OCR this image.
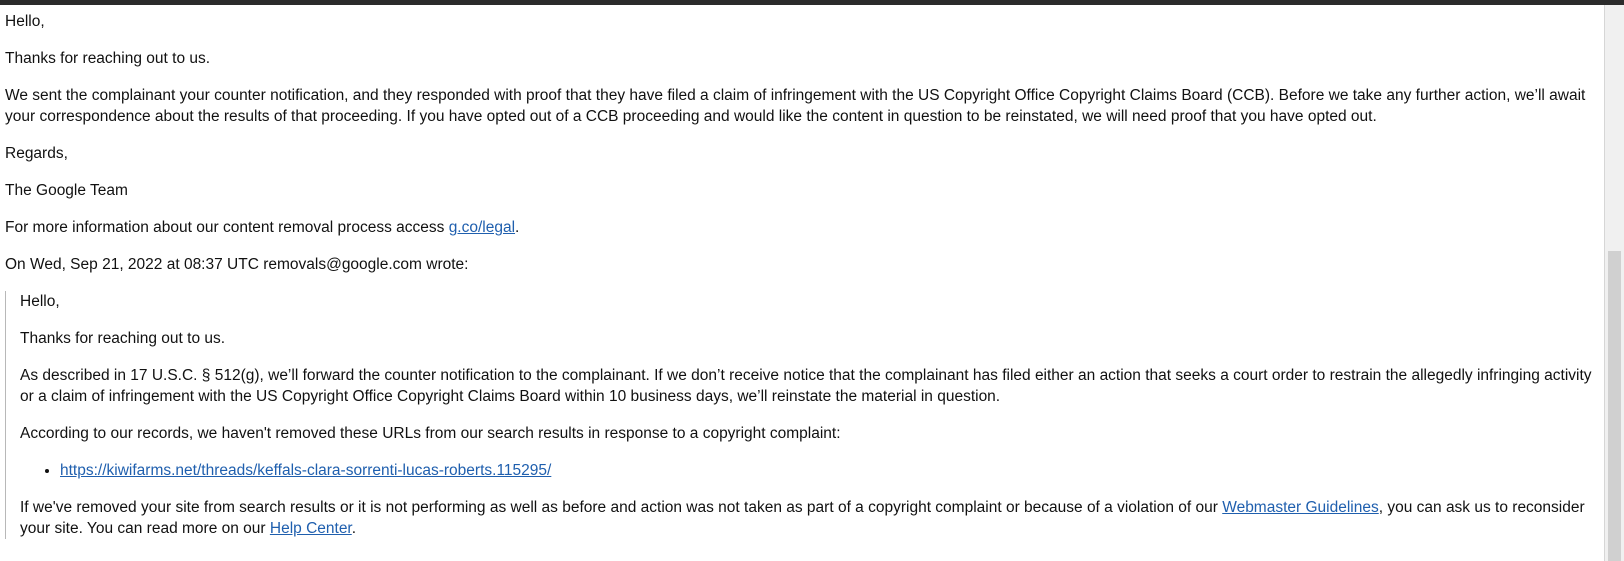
Hello,

Thanks for reaching out to us.

We sent the complainant your counter notification, and they responded with proof that they have filed a claim of infringement with the US Copyright Office Copyright Claims Board (CCB). Before we take any further action, we’ll await your correspondence about the results of that proceeding. If you have opted out of a CCB proceeding and would like the content in question to be reinstated, we will need proof that you have opted out.

Regards,

The Google Team

For more information about our content removal process access g.co/legal.

On Wed, Sep 21, 2022 at 08:37 UTC removals@google.com wrote:

Hello,

Thanks for reaching out to us.

As described in 17 U.S.C. § 512(g), we’ll forward the counter notification to the complainant. If we don’t receive notice that the complainant has filed either an action that seeks a court order to restrain the allegedly infringing activity or a claim of infringement with the US Copyright Office Copyright Claims Board within 10 business days, we’ll reinstate the material in question.

According to our records, we haven't removed these URLs from our search results in response to a copyright complaint:

• https://kiwifarms.net/threads/keffals-clara-sorrenti-lucas-roberts.115295/

If we've removed your site from search results or it is not performing as well as before and action was not taken as part of a copyright complaint or because of a violation of our Webmaster Guidelines, you can ask us to reconsider your site. You can read more on our Help Center.
